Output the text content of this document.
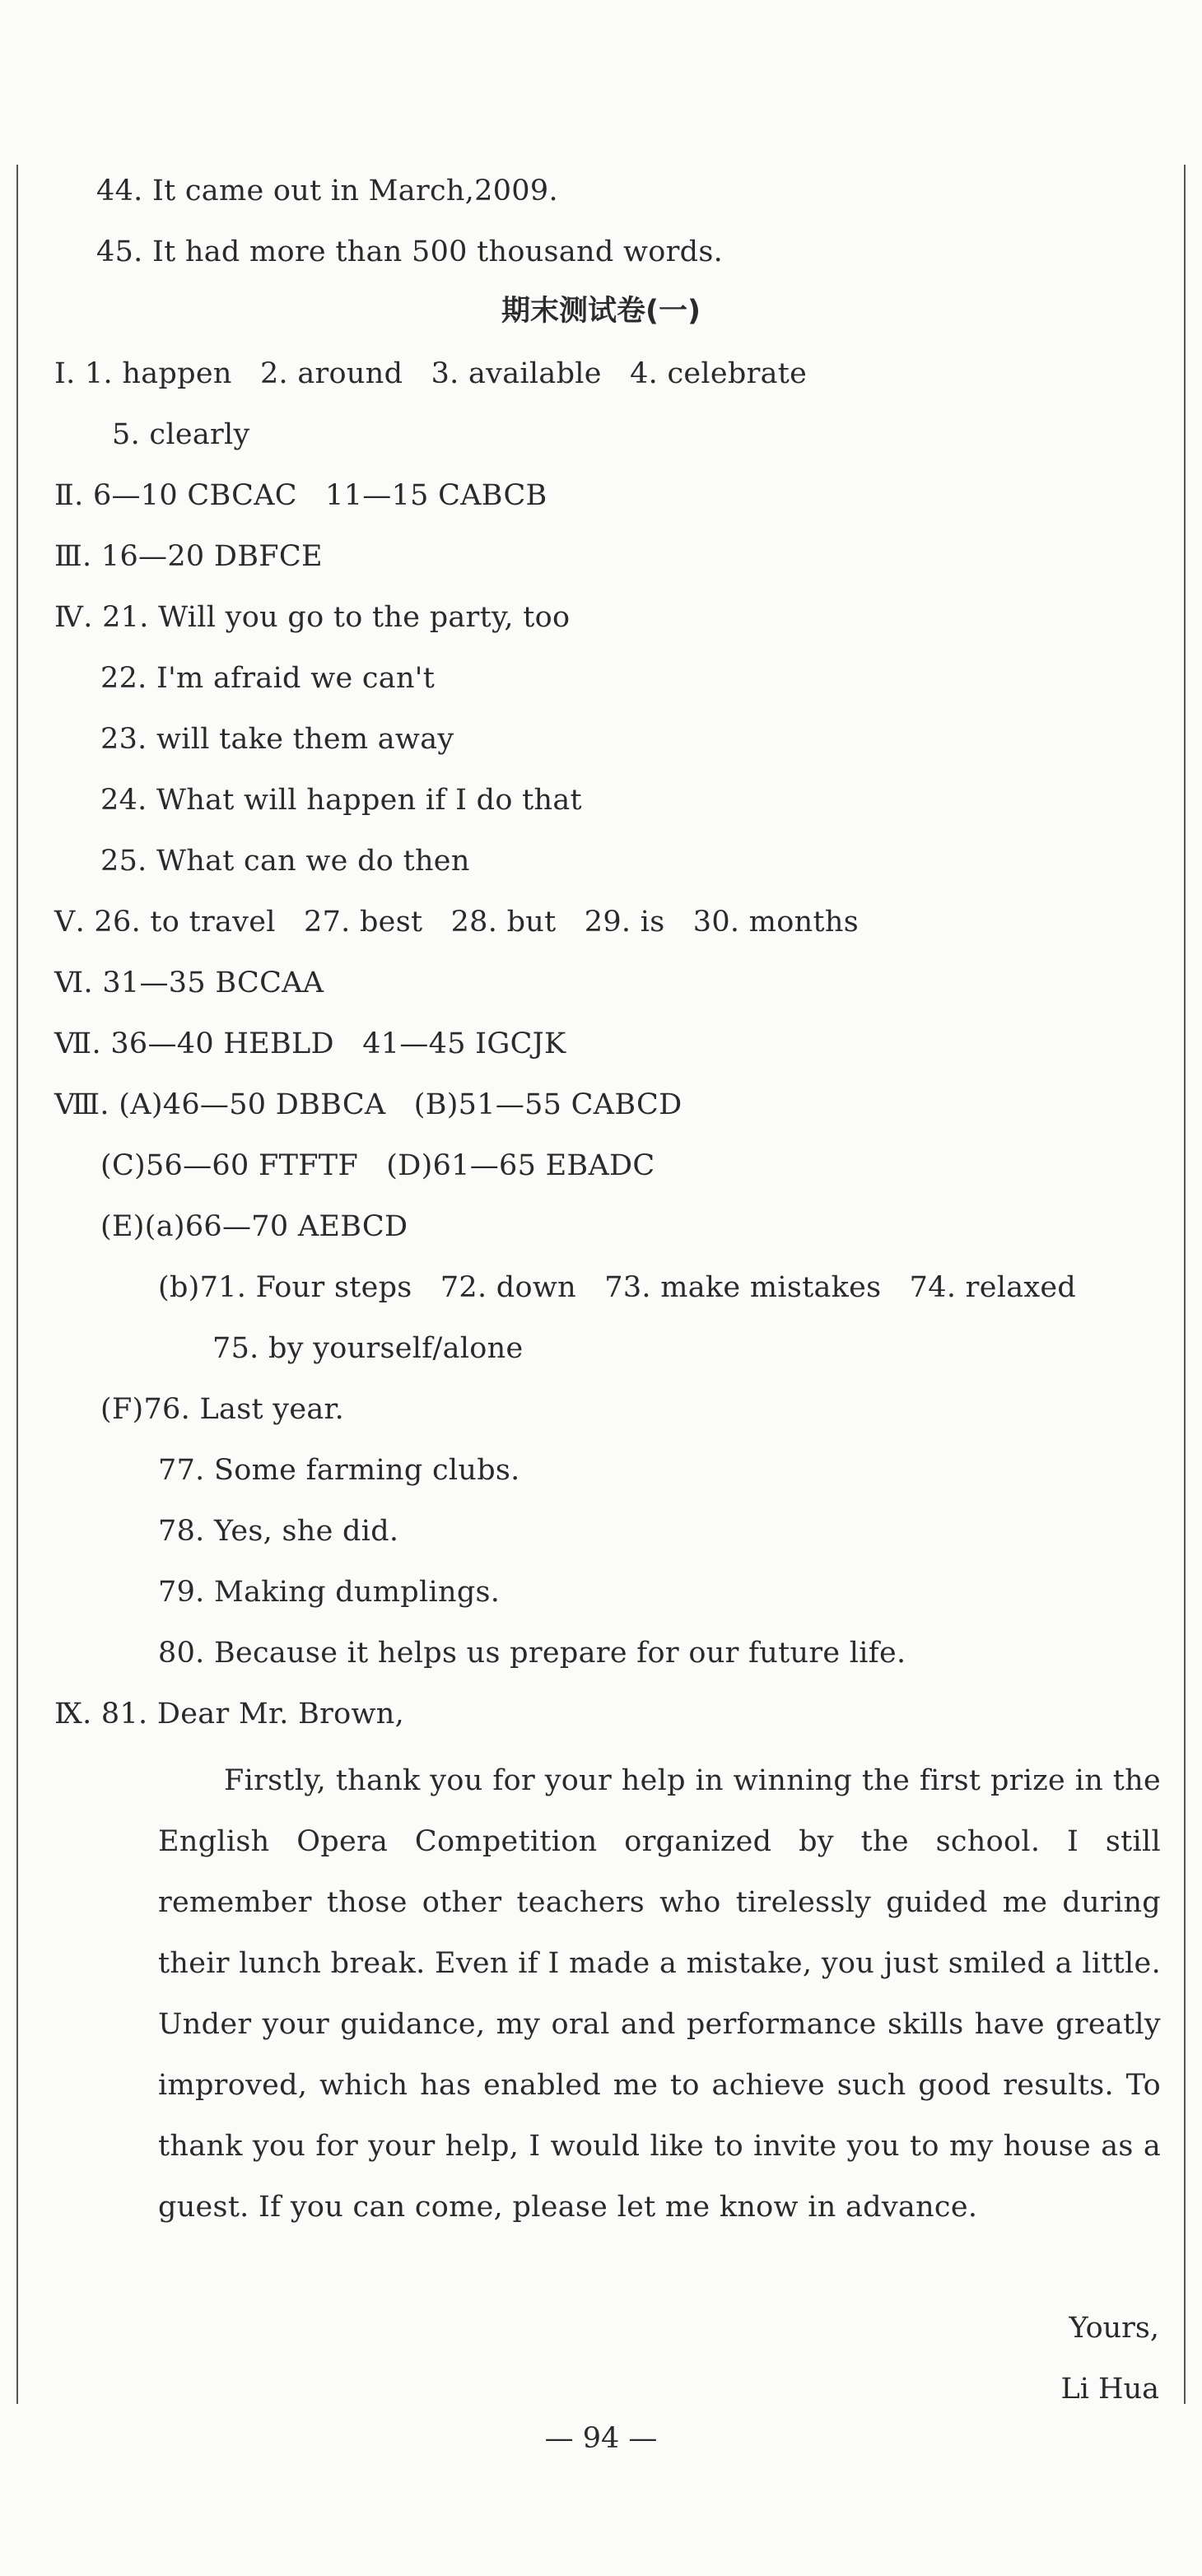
44. It came out in March,2009.
45. It had more than 500 thousand words.
期末测试卷(一)
Ⅰ. 1. happen   2. around   3. available   4. celebrate
5. clearly
Ⅱ. 6—10 CBCAC   11—15 CABCB
Ⅲ. 16—20 DBFCE
Ⅳ. 21. Will you go to the party, too
22. I'm afraid we can't
23. will take them away
24. What will happen if I do that
25. What can we do then
Ⅴ. 26. to travel   27. best   28. but   29. is   30. months
Ⅵ. 31—35 BCCAA
Ⅶ. 36—40 HEBLD   41—45 IGCJK
Ⅷ. (A)46—50 DBBCA   (B)51—55 CABCD
(C)56—60 FTFTF   (D)61—65 EBADC
(E)(a)66—70 AEBCD
(b)71. Four steps   72. down   73. make mistakes   74. relaxed
75. by yourself/alone
(F)76. Last year.
77. Some farming clubs.
78. Yes, she did.
79. Making dumplings.
80. Because it helps us prepare for our future life.
Ⅸ. 81. Dear Mr. Brown,

Firstly, thank you for your help in winning the first prize in the English Opera Competition organized by the school. I still remember those other teachers who tirelessly guided me during their lunch break. Even if I made a mistake, you just smiled a little. Under your guidance, my oral and performance skills have greatly improved, which has enabled me to achieve such good results. To thank you for your help, I would like to invite you to my house as a guest. If you can come, please let me know in advance.

Yours,
Li Hua
— 94 —
